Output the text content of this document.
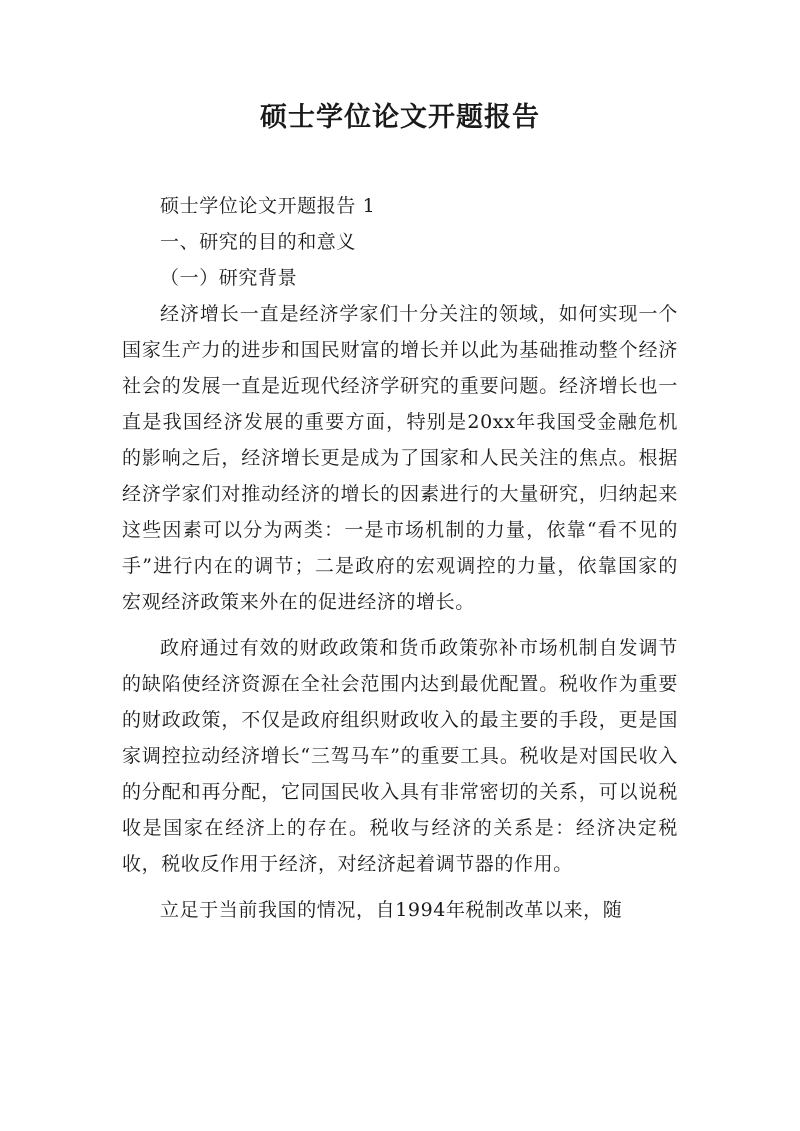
硕士学位论文开题报告

硕士学位论文开题报告 1

一、研究的目的和意义

（一）研究背景

经济增长一直是经济学家们十分关注的领域，如何实现一个国家生产力的进步和国民财富的增长并以此为基础推动整个经济社会的发展一直是近现代经济学研究的重要问题。经济增长也一直是我国经济发展的重要方面，特别是20xx年我国受金融危机的影响之后，经济增长更是成为了国家和人民关注的焦点。根据经济学家们对推动经济的增长的因素进行的大量研究，归纳起来这些因素可以分为两类：一是市场机制的力量，依靠“看不见的手”进行内在的调节；二是政府的宏观调控的力量，依靠国家的宏观经济政策来外在的促进经济的增长。

政府通过有效的财政政策和货币政策弥补市场机制自发调节的缺陷使经济资源在全社会范围内达到最优配置。税收作为重要的财政政策，不仅是政府组织财政收入的最主要的手段，更是国家调控拉动经济增长“三驾马车”的重要工具。税收是对国民收入的分配和再分配，它同国民收入具有非常密切的关系，可以说税收是国家在经济上的存在。税收与经济的关系是：经济决定税收，税收反作用于经济，对经济起着调节器的作用。

立足于当前我国的情况，自1994年税制改革以来，随
